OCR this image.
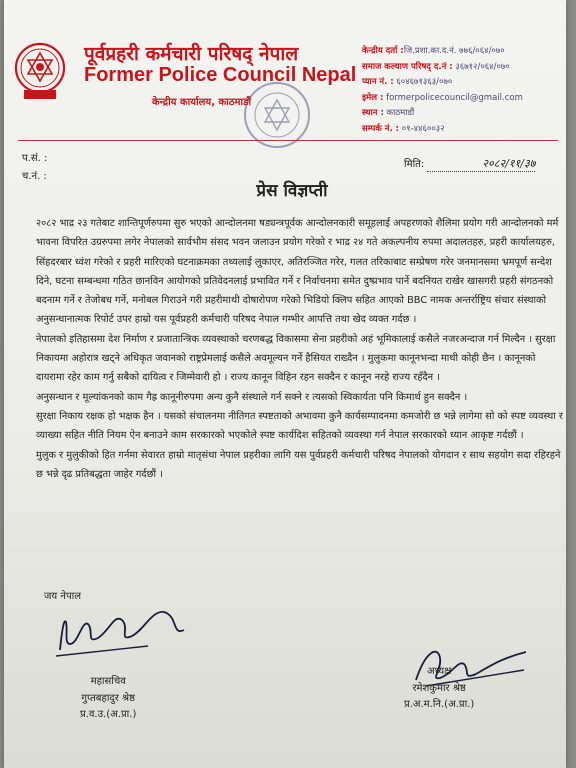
पूर्वप्रहरी कर्मचारी परिषद् नेपाल
Former Police Council Nepal
केन्द्रीय कार्यालय, काठमाडौं
केन्द्रीय दर्ता :जि.प्रशा.का.द.नं. ७७६/०६४/०७०
समाज कल्याण परिषद् द.नं : ३६७१२/०६४/०७०
प्यान नं. : ६०४६७१३६३/०७०
इमेल : formerpolicecouncil@gmail.com
स्थान : काठमाडौं
सम्पर्क नं. : ०१-४४६००३२
प.सं. :
च.नं. :
मिति:	२०८२/११/३७
प्रेस विज्ञप्ती

२०८२ भाद्र २३ गतेबाट शान्तिपूर्णरुपमा सुरु भएको आन्दोलनमा षड्यन्त्रपूर्वक आन्दोलनकारी समूहलाई अपहरणको शैलिमा प्रयोग गरी आन्दोलनको मर्म भावना विपरित उग्ररुपमा लगेर नेपालको सार्वभौम संसद भवन जलाउन प्रयोग गरेको र भाद्र २४ गते अकल्पनीय रुपमा अदालतहरु, प्रहरी कार्यालयहरु, सिंहदरबार ध्वंश गरेको र प्रहरी मारिएको घटनाक्रमका तथ्यलाई लुकाएर, अतिरञ्जित गरेर, गलत तरिकाबाट सम्प्रेषण गरेर जनमानसमा भ्रमपूर्ण सन्देश दिने, घटना सम्बन्धमा गठित छानविन आयोगको प्रतिवेदनलाई प्रभावित गर्ने र निर्वाचनमा समेत दुष्प्रभाव पार्ने बदनियत राखेर खासगरी प्रहरी संगठनको बदनाम गर्ने र तेजोबध गर्ने, मनोबल गिराउने गरी प्रहरीमाथी दोषारोपण गरेको भिडियो क्लिप सहित आएको BBC नामक अन्तर्राष्ट्रिय संचार संस्थाको अनुसन्धानात्मक रिपोर्ट उपर हाम्रो यस पूर्वप्रहरी कर्मचारी परिषद नेपाल गम्भीर आपत्ति तथा खेद व्यक्त गर्दछ ।

नेपालको इतिहासमा देश निर्माण र प्रजातान्त्रिक व्यवस्थाको चरणबद्ध विकासमा सेना प्रहरीको अहं भूमिकालाई कसैले नजरअन्दाज गर्न मिल्दैन । सुरक्षा निकायमा अहोरात्र खट्ने अधिकृत जवानको राष्ट्रप्रेमलाई कसैले अवमूल्यन गर्ने हैसियत राख्दैन । मुलुकमा कानूनभन्दा माथी कोही छैन । कानूनको दायरामा रहेर काम गर्नु सबैको दायित्व र जिम्मेवारी हो । राज्य कानून विहिन रहन सक्दैन र कानून नरहे राज्य रहँदैन ।

अनुसन्धान र मूल्यांकनको काम गैह्र कानूनीरुपमा अन्य कुनै संस्थाले गर्न सक्ने र त्यसको स्विकार्यता पनि किमार्थ हुन सक्दैन ।

सुरक्षा निकाय रक्षक हो भक्षक हैन । यसको संचालनमा नीतिगत स्पष्टताको अभावमा कुनै कार्यसम्पादनमा कमजोरी छ भन्ने लागेमा सो को स्पष्ट व्यवस्था र व्याख्या सहित नीति नियम ऐन बनाउने काम सरकारको भएकोले स्पष्ट कार्यदिश सहितको व्यवस्था गर्न नेपाल सरकारको ध्यान आकृष्ट गर्दछौं ।

मुलुक र मुलुकीको हित गर्नमा सेवारत हाम्रो मातृसंथा नेपाल प्रहरीका लागि यस पुर्वप्रहरी कर्मचारी परिषद नेपालको योगदान र साथ सहयोग सदा रहिरहने छ भन्ने दृढ प्रतिबद्धता जाहेर गर्दछौं ।

जय नेपाल
महासचिव
गुप्तबहादुर श्रेष्ठ
प्र.व.उ.(अ.प्रा.)
अध्यक्ष
रमेशकुमार श्रेष्ठ
प्र.अ.म.नि.(अ.प्रा.)
